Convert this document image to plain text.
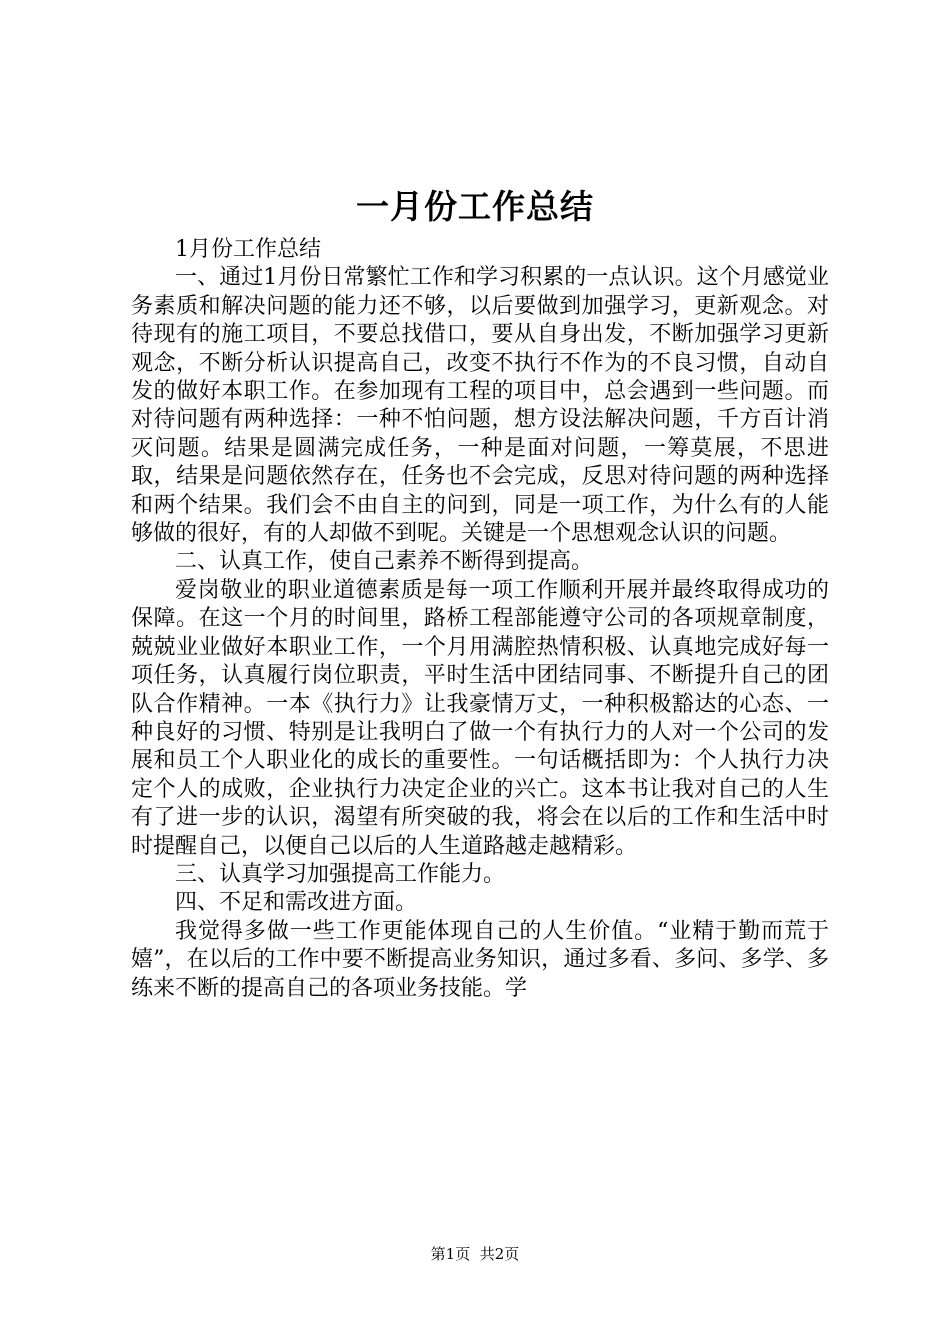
一月份工作总结

1月份工作总结

一、通过1月份日常繁忙工作和学习积累的一点认识。这个月感觉业务素质和解决问题的能力还不够，以后要做到加强学习，更新观念。对待现有的施工项目，不要总找借口，要从自身出发，不断加强学习更新观念，不断分析认识提高自己，改变不执行不作为的不良习惯，自动自发的做好本职工作。在参加现有工程的项目中，总会遇到一些问题。而对待问题有两种选择：一种不怕问题，想方设法解决问题，千方百计消灭问题。结果是圆满完成任务，一种是面对问题，一筹莫展，不思进取，结果是问题依然存在，任务也不会完成，反思对待问题的两种选择和两个结果。我们会不由自主的问到，同是一项工作，为什么有的人能够做的很好，有的人却做不到呢。关键是一个思想观念认识的问题。

二、认真工作，使自己素养不断得到提高。

爱岗敬业的职业道德素质是每一项工作顺利开展并最终取得成功的保障。在这一个月的时间里，路桥工程部能遵守公司的各项规章制度，兢兢业业做好本职业工作，一个月用满腔热情积极、认真地完成好每一项任务，认真履行岗位职责，平时生活中团结同事、不断提升自己的团队合作精神。一本《执行力》让我豪情万丈，一种积极豁达的心态、一种良好的习惯、特别是让我明白了做一个有执行力的人对一个公司的发展和员工个人职业化的成长的重要性。一句话概括即为：个人执行力决定个人的成败，企业执行力决定企业的兴亡。这本书让我对自己的人生有了进一步的认识，渴望有所突破的我，将会在以后的工作和生活中时时提醒自己，以便自己以后的人生道路越走越精彩。

三、认真学习加强提高工作能力。

四、不足和需改进方面。

我觉得多做一些工作更能体现自己的人生价值。“业精于勤而荒于嬉”，在以后的工作中要不断提高业务知识，通过多看、多问、多学、多练来不断的提高自己的各项业务技能。学

第1页 共2页
